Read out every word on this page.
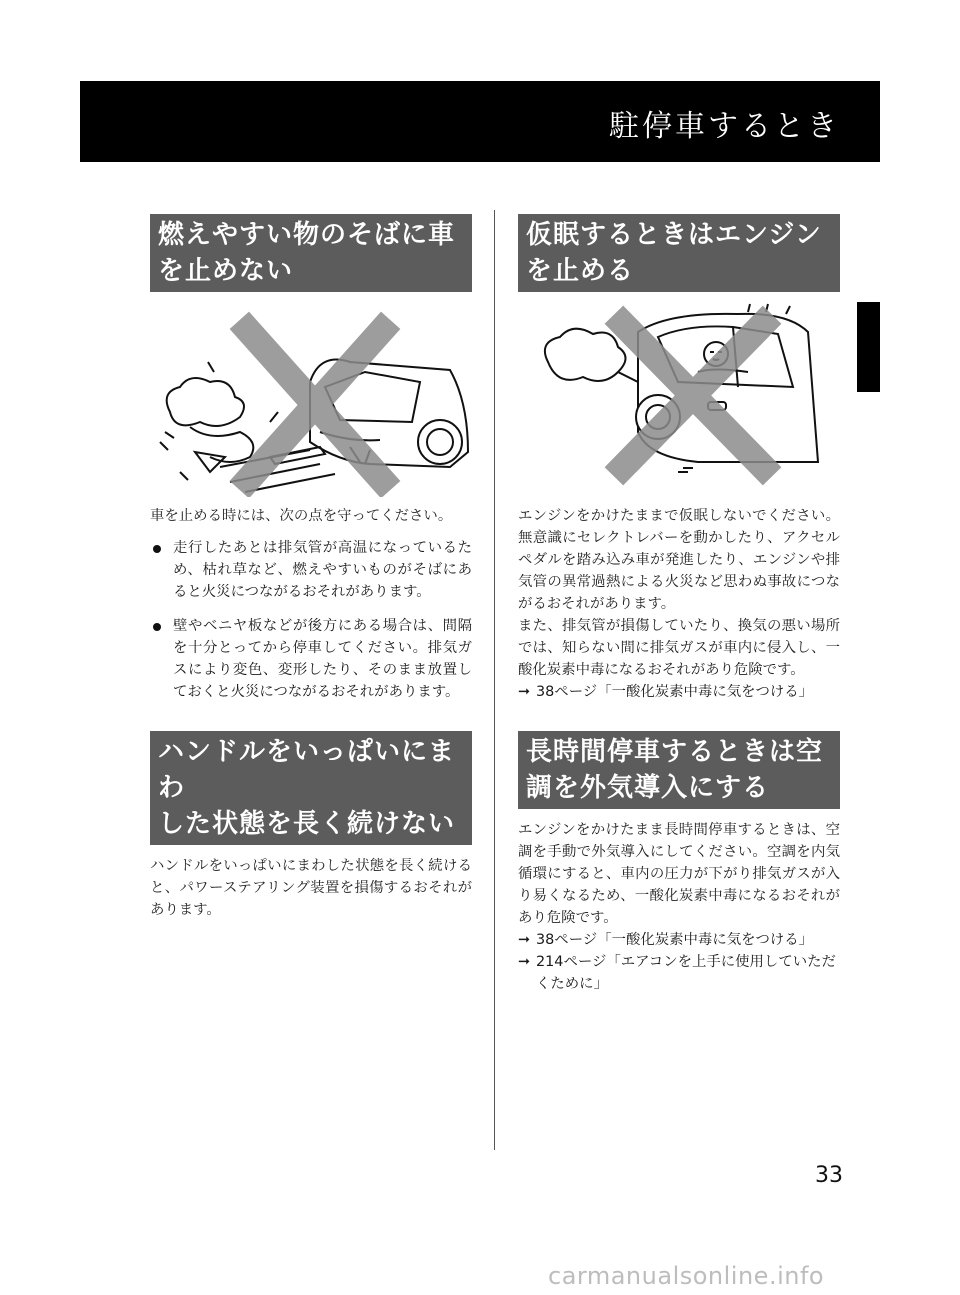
駐停車するとき
燃えやすい物のそばに車
を止めない

車を止める時には、次の点を守ってください。

走行したあとは排気管が高温になっているため、枯れ草など、燃えやすいものがそばにあると火災につながるおそれがあります。
壁やベニヤ板などが後方にある場合は、間隔を十分とってから停車してください。排気ガスにより変色、変形したり、そのまま放置しておくと火災につながるおそれがあります。
ハンドルをいっぱいにまわ
した状態を長く続けない

ハンドルをいっぱいにまわした状態を長く続けると、パワーステアリング装置を損傷するおそれがあります。

仮眠するときはエンジン
を止める

エンジンをかけたままで仮眠しないでください。無意識にセレクトレバーを動かしたり、アクセルペダルを踏み込み車が発進したり、エンジンや排気管の異常過熱による火災など思わぬ事故につながるおそれがあります。

また、排気管が損傷していたり、換気の悪い場所では、知らない間に排気ガスが車内に侵入し、一酸化炭素中毒になるおそれがあり危険です。

➞ 38ページ「一酸化炭素中毒に気をつける」
長時間停車するときは空
調を外気導入にする

エンジンをかけたまま長時間停車するときは、空調を手動で外気導入にしてください。空調を内気循環にすると、車内の圧力が下がり排気ガスが入り易くなるため、一酸化炭素中毒になるおそれがあり危険です。

➞ 38ページ「一酸化炭素中毒に気をつける」
➞ 214ページ「エアコンを上手に使用していただくために」
33
carmanualsonline.info
